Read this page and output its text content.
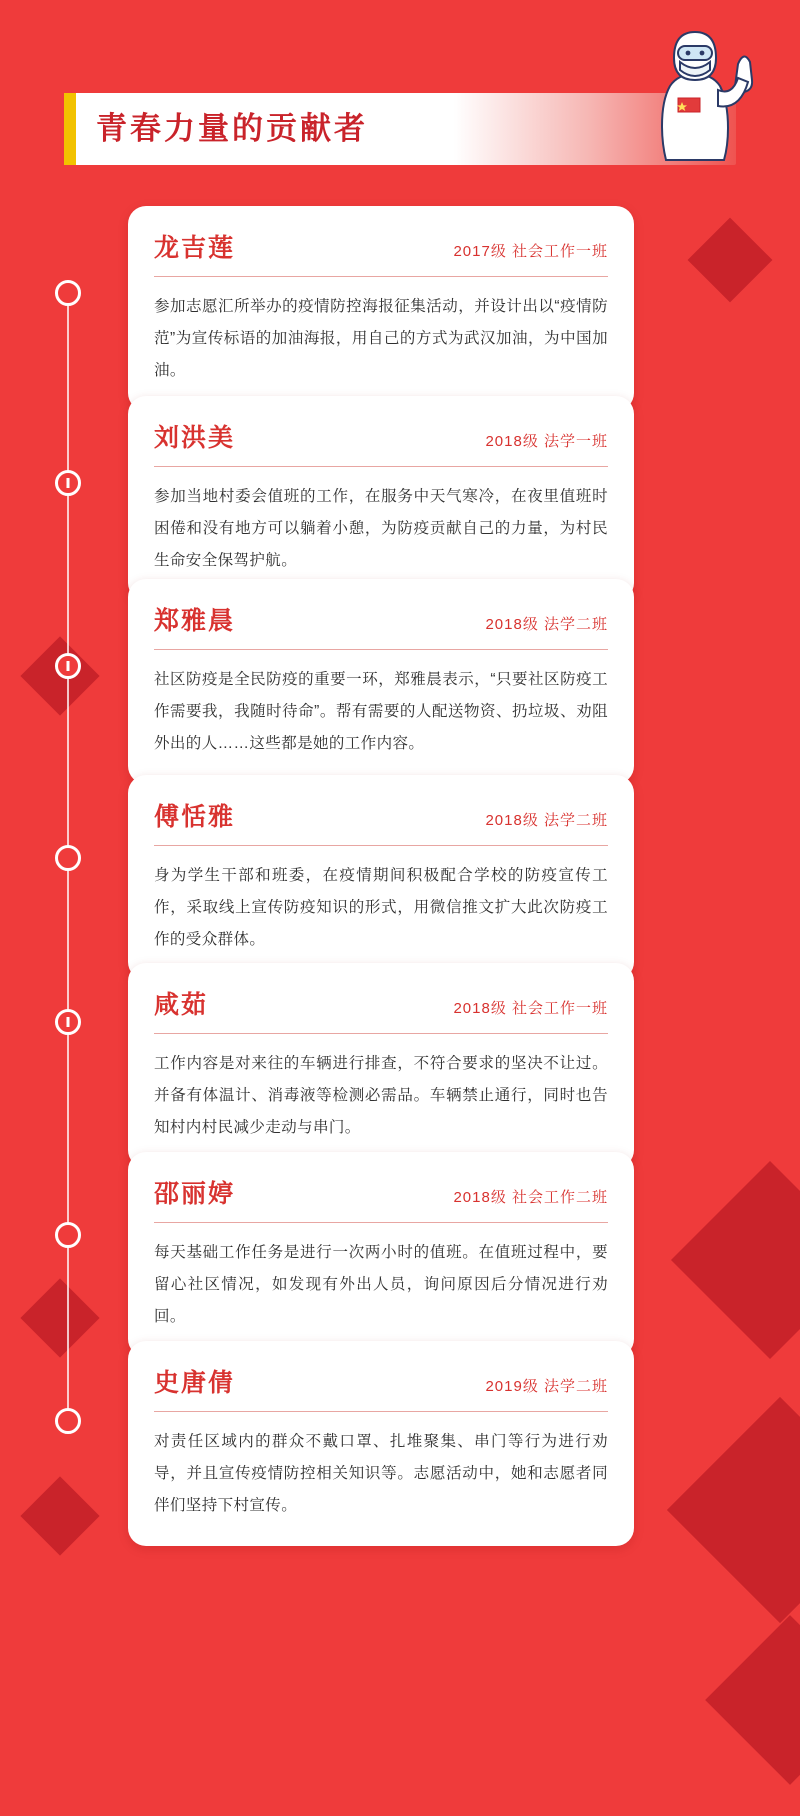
青春力量的贡献者
龙吉莲	2017级 社会工作一班
参加志愿汇所举办的疫情防控海报征集活动，并设计出以“疫情防范”为宣传标语的加油海报，用自己的方式为武汉加油，为中国加油。
刘洪美	2018级 法学一班
参加当地村委会值班的工作，在服务中天气寒冷，在夜里值班时困倦和没有地方可以躺着小憩，为防疫贡献自己的力量，为村民生命安全保驾护航。
郑雅晨	2018级 法学二班
社区防疫是全民防疫的重要一环，郑雅晨表示，“只要社区防疫工作需要我，我随时待命”。帮有需要的人配送物资、扔垃圾、劝阻外出的人……这些都是她的工作内容。
傅恬雅	2018级 法学二班
身为学生干部和班委，在疫情期间积极配合学校的防疫宣传工作，采取线上宣传防疫知识的形式，用微信推文扩大此次防疫工作的受众群体。
咸茹	2018级 社会工作一班
工作内容是对来往的车辆进行排查，不符合要求的坚决不让过。并备有体温计、消毒液等检测必需品。车辆禁止通行，同时也告知村内村民减少走动与串门。
邵丽婷	2018级 社会工作二班
每天基础工作任务是进行一次两小时的值班。在值班过程中，要留心社区情况，如发现有外出人员，询问原因后分情况进行劝回。
史唐倩	2019级 法学二班
对责任区域内的群众不戴口罩、扎堆聚集、串门等行为进行劝导，并且宣传疫情防控相关知识等。志愿活动中，她和志愿者同伴们坚持下村宣传。
